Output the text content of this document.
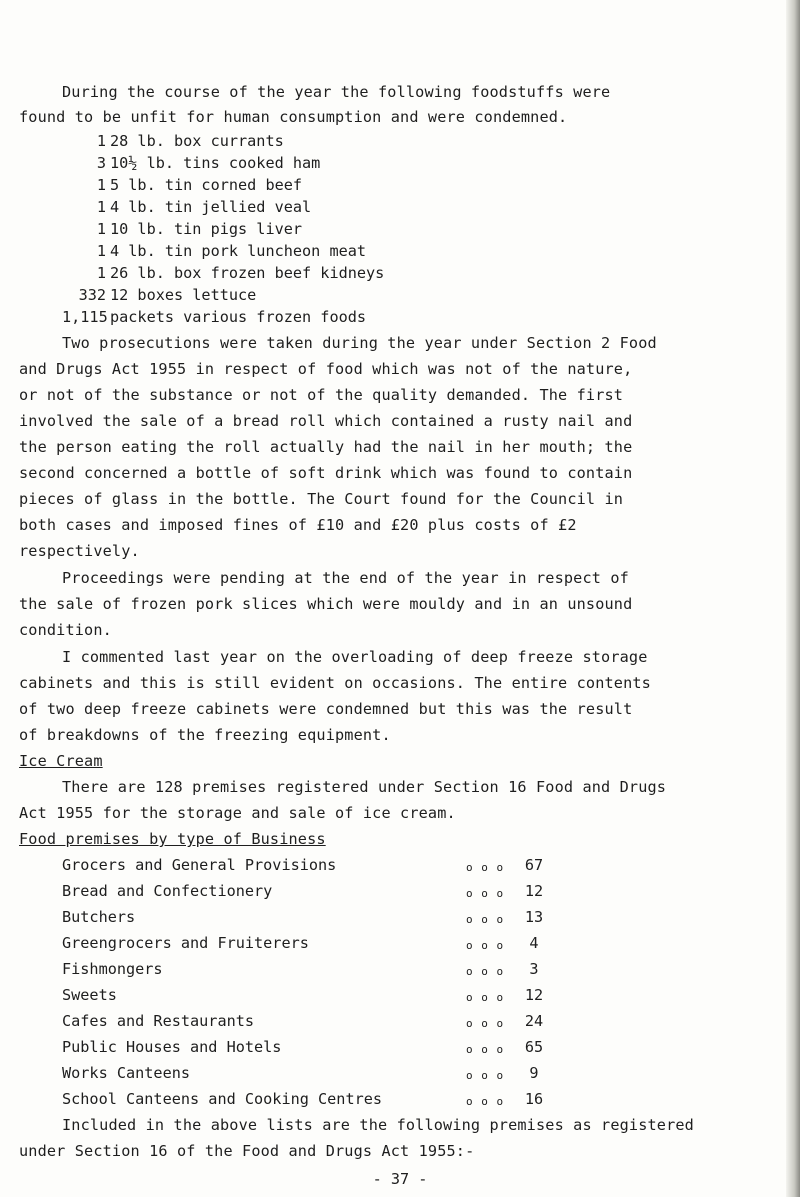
During the course of the year the following foodstuffs were
found to be unfit for human consumption and were condemned.
1 28 lb. box currants
3 10½ lb. tins cooked ham
1 5 lb. tin corned beef
1 4 lb. tin jellied veal
1 10 lb. tin pigs liver
1 4 lb. tin pork luncheon meat
1 26 lb. box frozen beef kidneys
332 12 boxes lettuce
1,115 packets various frozen foods
Two prosecutions were taken during the year under Section 2 Food
and Drugs Act 1955 in respect of food which was not of the nature,
or not of the substance or not of the quality demanded. The first
involved the sale of a bread roll which contained a rusty nail and
the person eating the roll actually had the nail in her mouth; the
second concerned a bottle of soft drink which was found to contain
pieces of glass in the bottle. The Court found for the Council in
both cases and imposed fines of £10 and £20 plus costs of £2
respectively.
Proceedings were pending at the end of the year in respect of
the sale of frozen pork slices which were mouldy and in an unsound
condition.
I commented last year on the overloading of deep freeze storage
cabinets and this is still evident on occasions. The entire contents
of two deep freeze cabinets were condemned but this was the result
of breakdowns of the freezing equipment.
Ice Cream
There are 128 premises registered under Section 16 Food and Drugs
Act 1955 for the storage and sale of ice cream.
Food premises by type of Business
Grocers and General Provisions	o o o	67
Bread and Confectionery	o o o	12
Butchers	o o o	13
Greengrocers and Fruiterers	o o o	4
Fishmongers	o o o	3
Sweets	o o o	12
Cafes and Restaurants	o o o	24
Public Houses and Hotels	o o o	65
Works Canteens	o o o	9
School Canteens and Cooking Centres	o o o	16
Included in the above lists are the following premises as registered
under Section 16 of the Food and Drugs Act 1955:-
- 37 -
